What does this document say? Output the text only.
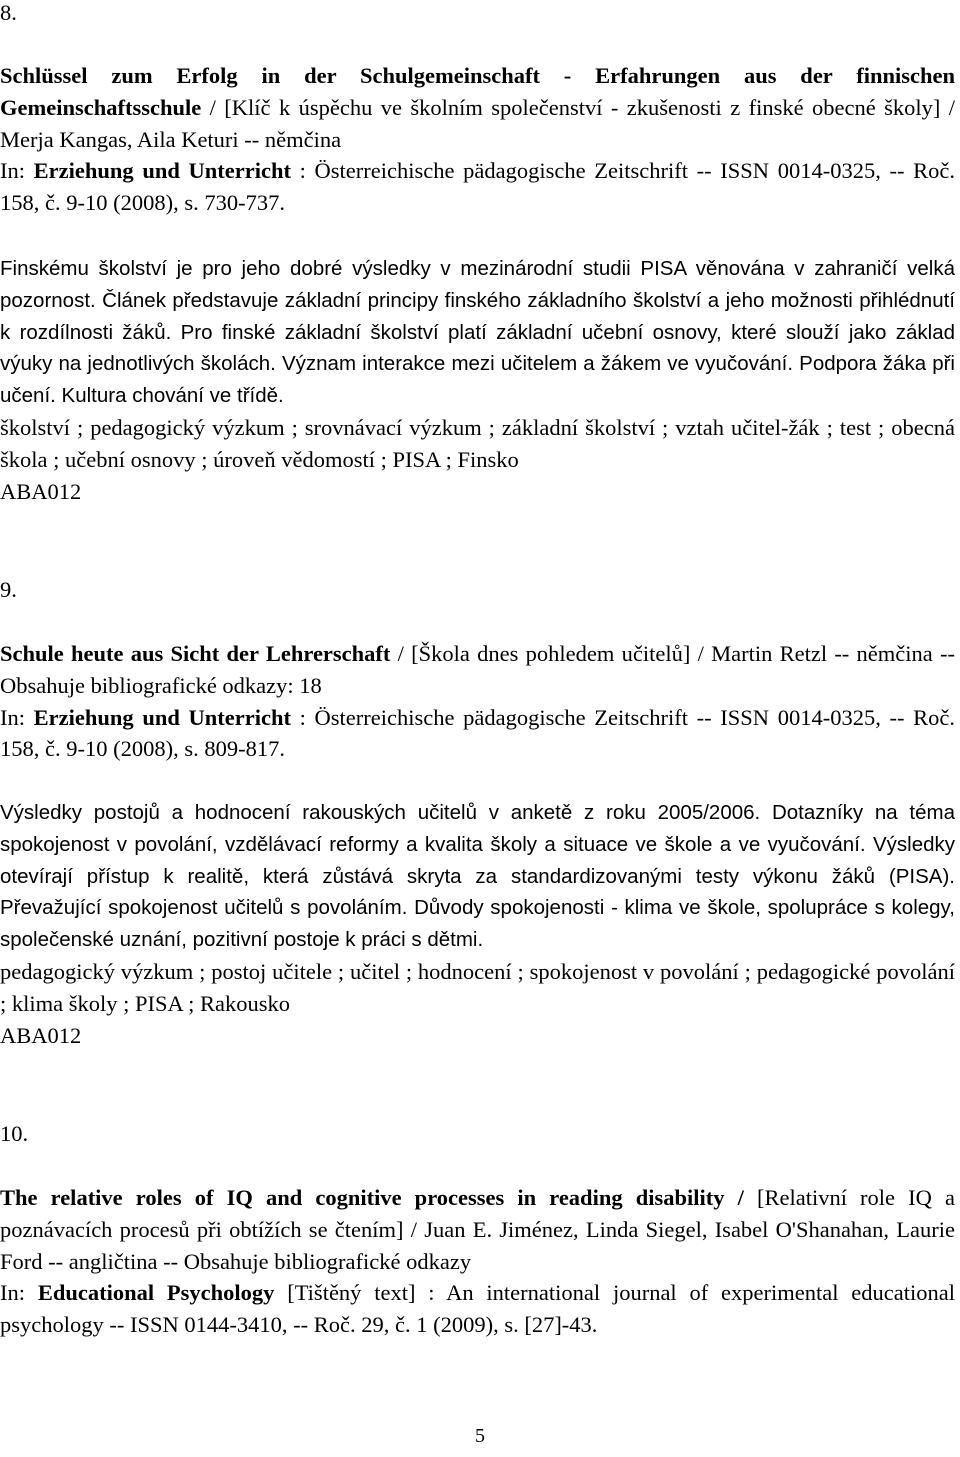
8.

Schlüssel zum Erfolg in der Schulgemeinschaft - Erfahrungen aus der finnischen Gemeinschaftsschule / [Klíč k úspěchu ve školním společenství - zkušenosti z finské obecné školy] / Merja Kangas, Aila Keturi -- němčina

In: Erziehung und Unterricht : Österreichische pädagogische Zeitschrift -- ISSN 0014-0325, -- Roč. 158, č. 9-10 (2008), s. 730-737.

Finskému školství je pro jeho dobré výsledky v mezinárodní studii PISA věnována v zahraničí velká pozornost. Článek představuje základní principy finského základního školství a jeho možnosti přihlédnutí k rozdílnosti žáků. Pro finské základní školství platí základní učební osnovy, které slouží jako základ výuky na jednotlivých školách. Význam interakce mezi učitelem a žákem ve vyučování. Podpora žáka při učení. Kultura chování ve třídě.

školství ; pedagogický výzkum ; srovnávací výzkum ; základní školství ; vztah učitel-žák ; test ; obecná škola ; učební osnovy ; úroveň vědomostí ; PISA ; Finsko

ABA012

9.

Schule heute aus Sicht der Lehrerschaft / [Škola dnes pohledem učitelů] / Martin Retzl -- němčina -- Obsahuje bibliografické odkazy: 18

In: Erziehung und Unterricht : Österreichische pädagogische Zeitschrift -- ISSN 0014-0325, -- Roč. 158, č. 9-10 (2008), s. 809-817.

Výsledky postojů a hodnocení rakouských učitelů v anketě z roku 2005/2006. Dotazníky na téma spokojenost v povolání, vzdělávací reformy a kvalita školy a situace ve škole a ve vyučování. Výsledky otevírají přístup k realitě, která zůstává skryta za standardizovanými testy výkonu žáků (PISA). Převažující spokojenost učitelů s povoláním. Důvody spokojenosti - klima ve škole, spolupráce s kolegy, společenské uznání, pozitivní postoje k práci s dětmi.

pedagogický výzkum ; postoj učitele ; učitel ; hodnocení ; spokojenost v povolání ; pedagogické povolání ; klima školy ; PISA ; Rakousko

ABA012

10.

The relative roles of IQ and cognitive processes in reading disability / [Relativní role IQ a poznávacích procesů při obtížích se čtením] / Juan E. Jiménez, Linda Siegel, Isabel O'Shanahan, Laurie Ford -- angličtina -- Obsahuje bibliografické odkazy

In: Educational Psychology [Tištěný text] : An international journal of experimental educational psychology -- ISSN 0144-3410, -- Roč. 29, č. 1 (2009), s. [27]-43.

5
